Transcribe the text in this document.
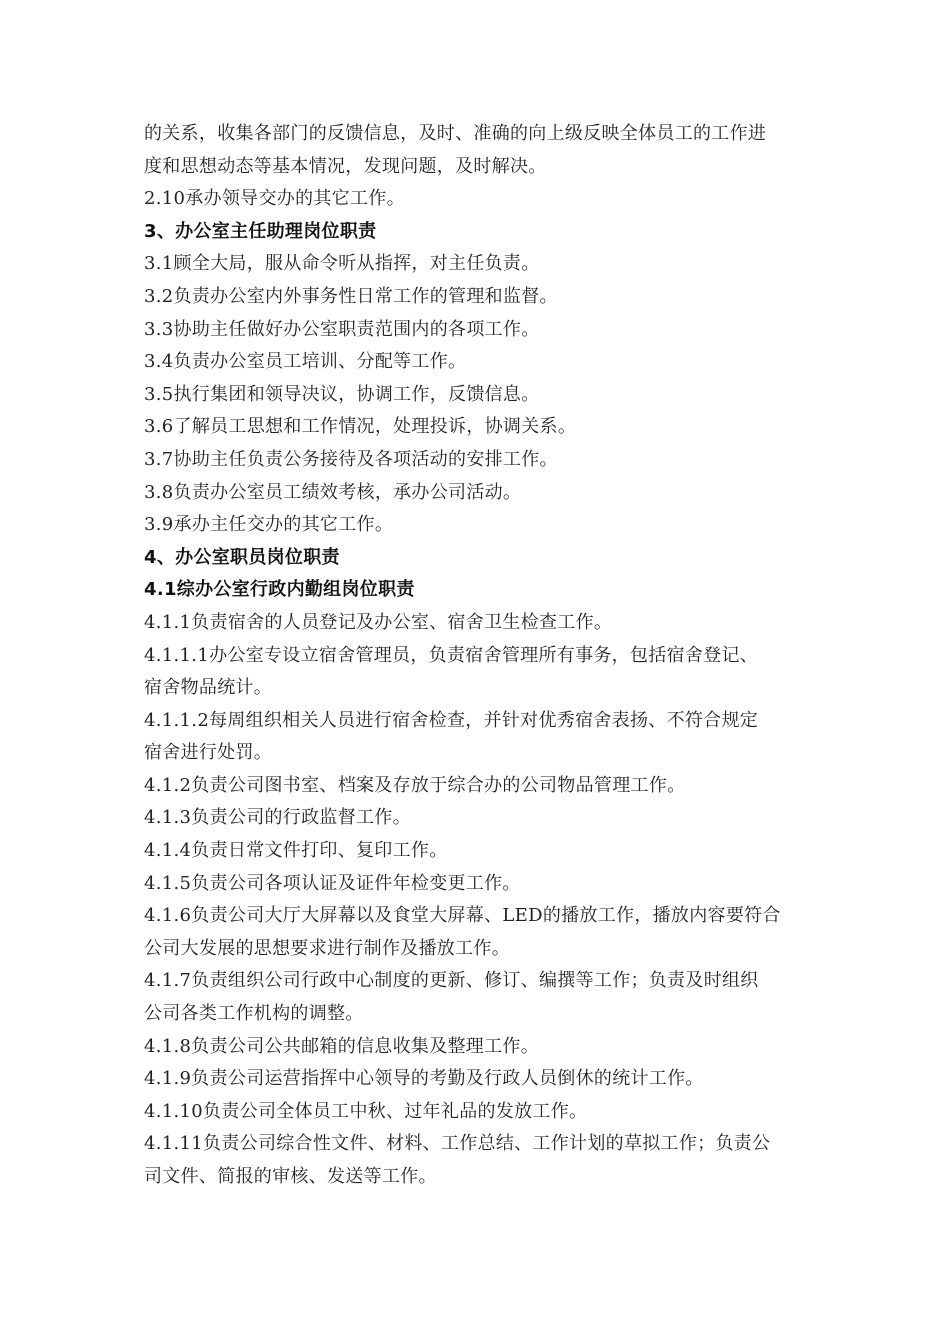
的关系，收集各部门的反馈信息，及时、准确的向上级反映全体员工的工作进
度和思想动态等基本情况，发现问题，及时解决。
2.10承办领导交办的其它工作。
3、办公室主任助理岗位职责
3.1顾全大局，服从命令听从指挥，对主任负责。
3.2负责办公室内外事务性日常工作的管理和监督。
3.3协助主任做好办公室职责范围内的各项工作。
3.4负责办公室员工培训、分配等工作。
3.5执行集团和领导决议，协调工作，反馈信息。
3.6了解员工思想和工作情况，处理投诉，协调关系。
3.7协助主任负责公务接待及各项活动的安排工作。
3.8负责办公室员工绩效考核，承办公司活动。
3.9承办主任交办的其它工作。
4、办公室职员岗位职责
4.1综办公室行政内勤组岗位职责
4.1.1负责宿舍的人员登记及办公室、宿舍卫生检查工作。
4.1.1.1办公室专设立宿舍管理员，负责宿舍管理所有事务，包括宿舍登记、
宿舍物品统计。
4.1.1.2每周组织相关人员进行宿舍检查，并针对优秀宿舍表扬、不符合规定
宿舍进行处罚。
4.1.2负责公司图书室、档案及存放于综合办的公司物品管理工作。
4.1.3负责公司的行政监督工作。
4.1.4负责日常文件打印、复印工作。
4.1.5负责公司各项认证及证件年检变更工作。
4.1.6负责公司大厅大屏幕以及食堂大屏幕、LED的播放工作，播放内容要符合
公司大发展的思想要求进行制作及播放工作。
4.1.7负责组织公司行政中心制度的更新、修订、编撰等工作；负责及时组织
公司各类工作机构的调整。
4.1.8负责公司公共邮箱的信息收集及整理工作。
4.1.9负责公司运营指挥中心领导的考勤及行政人员倒休的统计工作。
4.1.10负责公司全体员工中秋、过年礼品的发放工作。
4.1.11负责公司综合性文件、材料、工作总结、工作计划的草拟工作；负责公
司文件、简报的审核、发送等工作。
